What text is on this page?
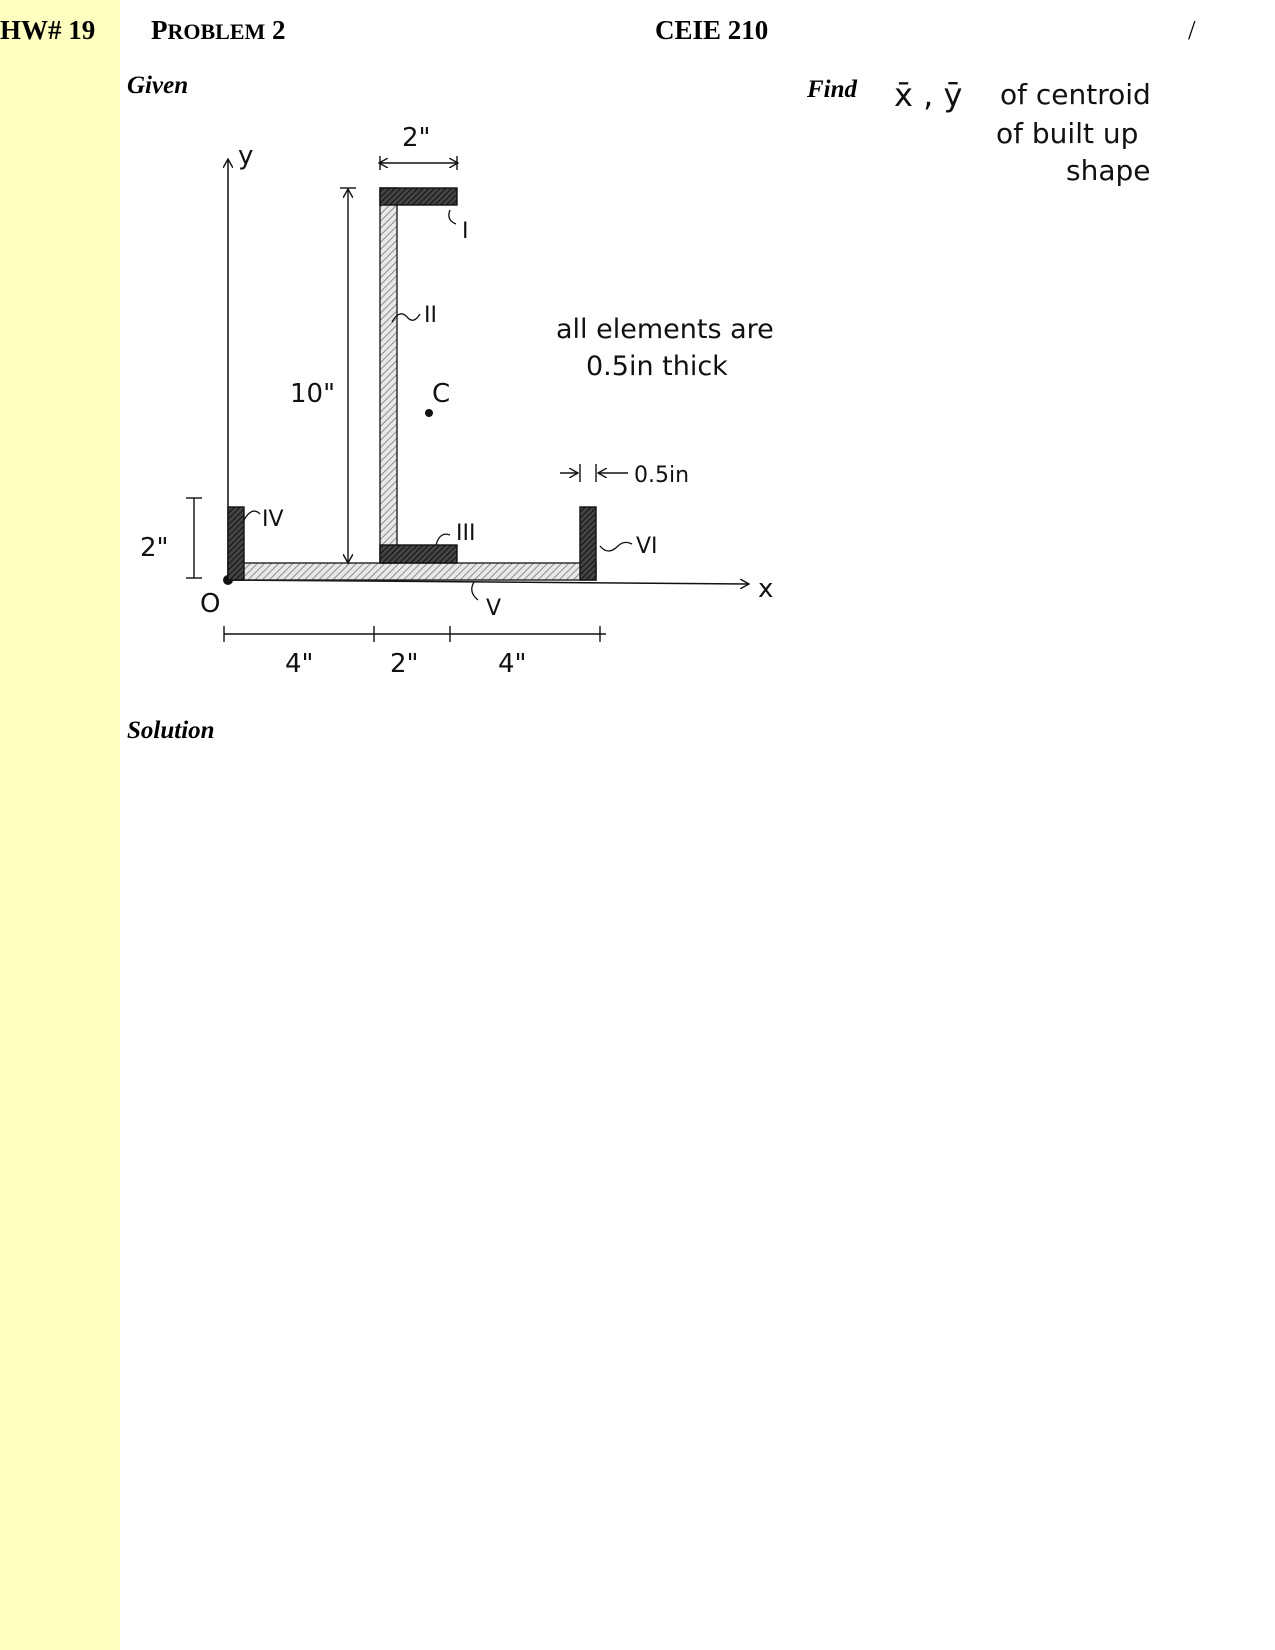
HW# 19 PROBLEM 2	CEIE 210	/
Given	Find
Solution
x̄ , ȳ of centroid
of built up
shape
y
x
O
C
2"
10"
2"
4"	2"	4"
0.5in
all elements are
0.5in thick
I
II
III
IV
V
VI
